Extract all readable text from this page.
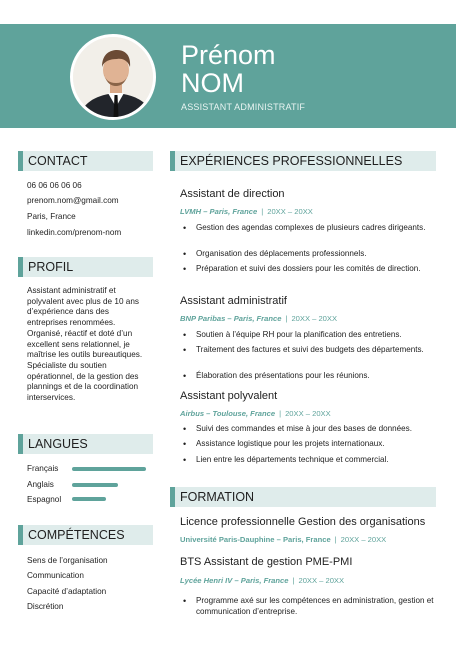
Prénom
NOM
ASSISTANT ADMINISTRATIF
CONTACT
06 06 06 06 06
prenom.nom@gmail.com
Paris, France
linkedin.com/prenom-nom
PROFIL
Assistant administratif et
polyvalent avec plus de 10 ans
d’expérience dans des
entreprises renommées.
Organisé, réactif et doté d’un
excellent sens relationnel, je
maîtrise les outils bureautiques.
Spécialiste du soutien
opérationnel, de la gestion des
plannings et de la coordination
interservices.
LANGUES
Français
Anglais
Espagnol
COMPÉTENCES
Sens de l’organisation
Communication
Capacité d’adaptation
Discrétion
EXPÉRIENCES PROFESSIONNELLES
Assistant de direction
LVMH – Paris, France | 20XX – 20XX
• Gestion des agendas complexes de plusieurs cadres dirigeants.
• Organisation des déplacements professionnels.
• Préparation et suivi des dossiers pour les comités de direction.
Assistant administratif
BNP Paribas – Paris, France | 20XX – 20XX
• Soutien à l’équipe RH pour la planification des entretiens.
• Traitement des factures et suivi des budgets des départements.
• Élaboration des présentations pour les réunions.
Assistant polyvalent
Airbus – Toulouse, France | 20XX – 20XX
• Suivi des commandes et mise à jour des bases de données.
• Assistance logistique pour les projets internationaux.
• Lien entre les départements technique et commercial.
FORMATION
Licence professionnelle Gestion des organisations
Université Paris-Dauphine – Paris, France | 20XX – 20XX
BTS Assistant de gestion PME-PMI
Lycée Henri IV – Paris, France | 20XX – 20XX
• Programme axé sur les compétences en administration, gestion et communication d’entreprise.
